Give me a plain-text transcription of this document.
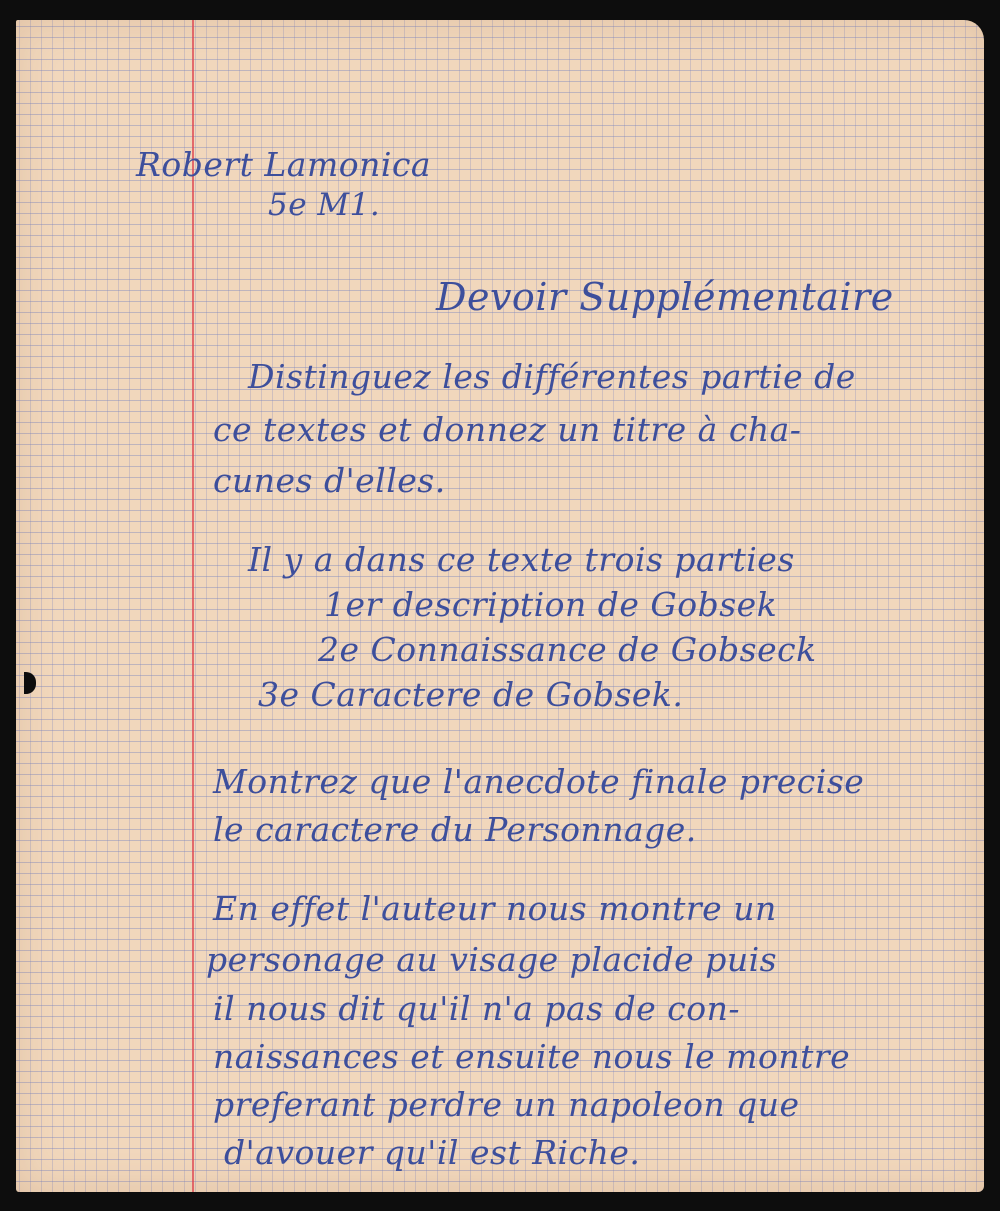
Robert Lamonica

5e M1.

Devoir Supplémentaire

Distinguez les différentes partie de

ce textes et donnez un titre à cha-

cunes d'elles.

Il y a dans ce texte trois parties

1er description de Gobsek

2e Connaissance de Gobseck

3e Caractere de Gobsek.

Montrez que l'anecdote finale precise

le caractere du Personnage.

En effet l'auteur nous montre un

personage au visage placide puis

il nous dit qu'il n'a pas de con-

naissances et ensuite nous le montre

preferant perdre un napoleon que

d'avouer qu'il est Riche.
